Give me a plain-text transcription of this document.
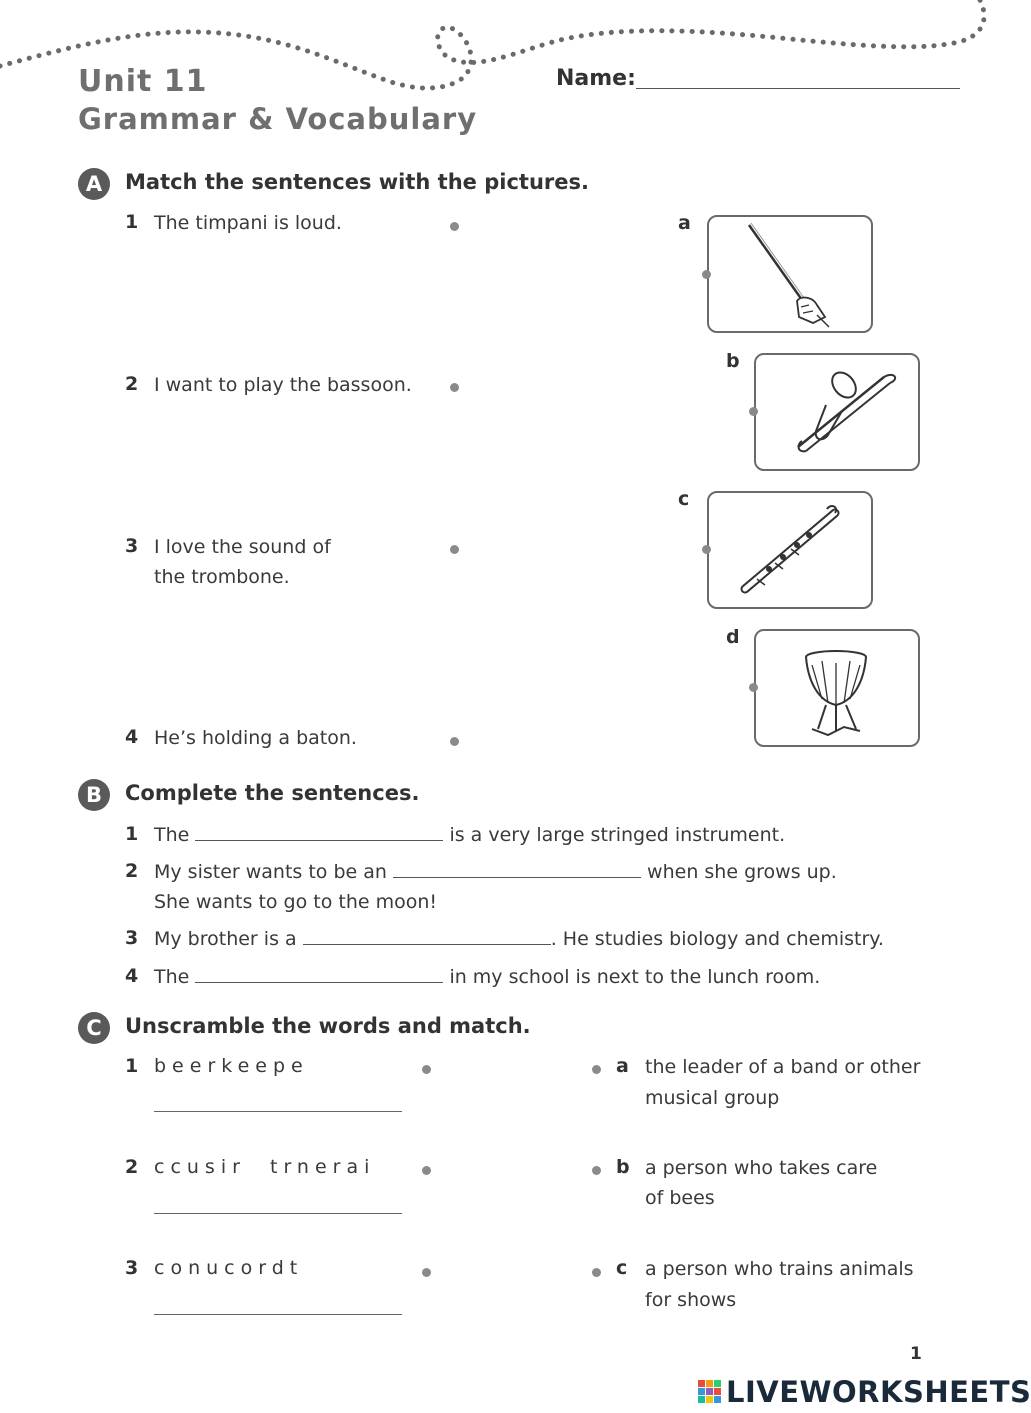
Unit 11
Grammar & Vocabulary
Name:
A	Match the sentences with the pictures.
1 The timpani is loud.
2 I want to play the bassoon.
3 I love the sound of
the trombone.
4 He’s holding a baton.
a
b
c
d
B	Complete the sentences.
1 The	is a very large stringed instrument.
2 My sister wants to be an	when she grows up.
She wants to go to the moon!
3 My brother is a	. He studies biology and chemistry.
4 The	in my school is next to the lunch room.
C	Unscramble the words and match.
1 beerkeepe	a the leader of a band or other
musical group
2 ccusir  trnerai	b a person who takes care
of bees
3 conucordt	c a person who trains animals
for shows
1
LIVEWORKSHEETS
